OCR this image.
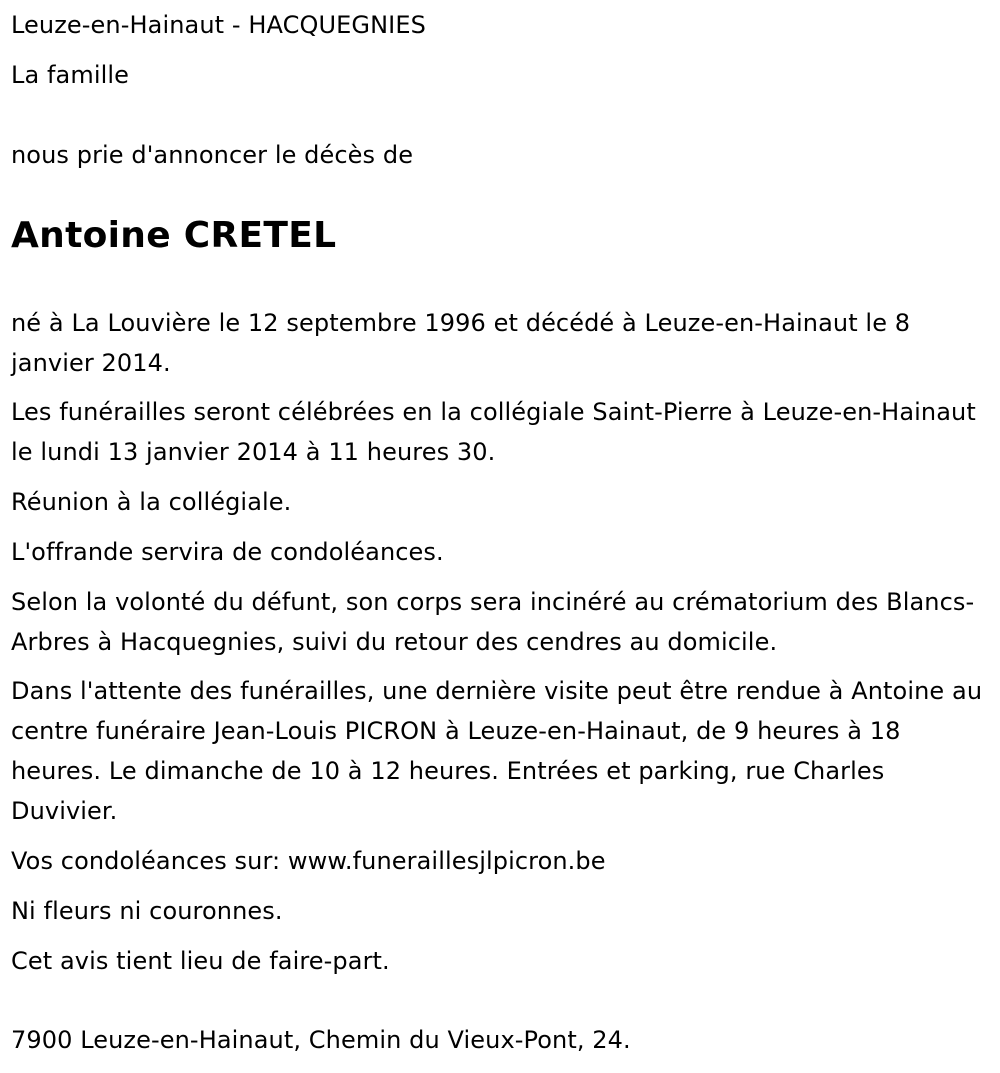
Leuze-en-Hainaut - HACQUEGNIES

La famille

nous prie d'annoncer le décès de

Antoine CRETEL

né à La Louvière le 12 septembre 1996 et décédé à Leuze-en-Hainaut le 8 janvier 2014.

Les funérailles seront célébrées en la collégiale Saint-Pierre à Leuze-en-Hainaut le lundi 13 janvier 2014 à 11 heures 30.

Réunion à la collégiale.

L'offrande servira de condoléances.

Selon la volonté du défunt, son corps sera incinéré au crématorium des Blancs-Arbres à Hacquegnies, suivi du retour des cendres au domicile.

Dans l'attente des funérailles, une dernière visite peut être rendue à Antoine au centre funéraire Jean-Louis PICRON à Leuze-en-Hainaut, de 9 heures à 18 heures. Le dimanche de 10 à 12 heures. Entrées et parking, rue Charles Duvivier.

Vos condoléances sur: www.funeraillesjlpicron.be

Ni fleurs ni couronnes.

Cet avis tient lieu de faire-part.

7900 Leuze-en-Hainaut, Chemin du Vieux-Pont, 24.
